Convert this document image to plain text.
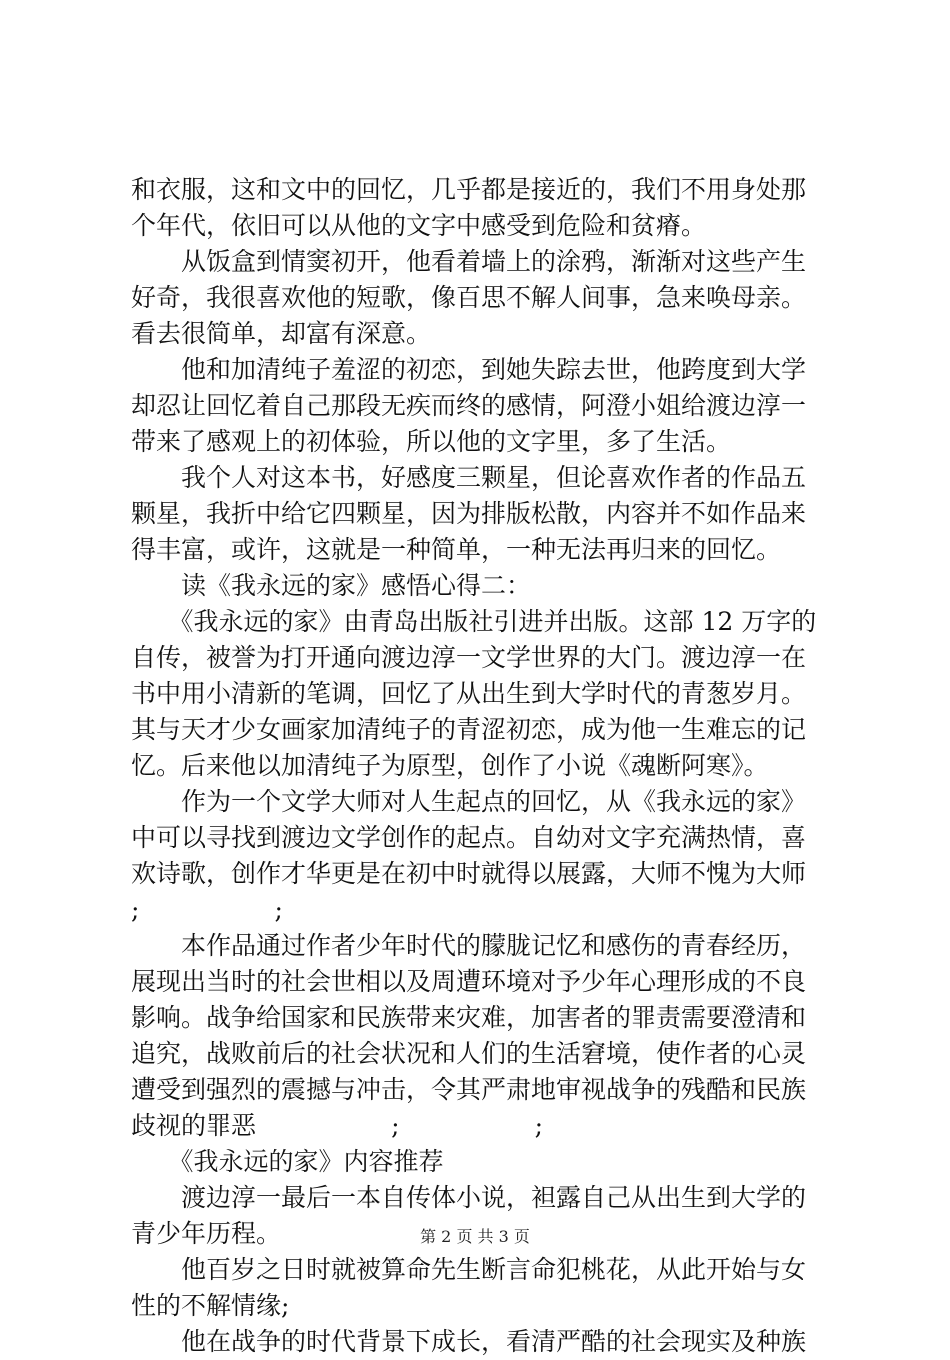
和衣服，这和文中的回忆，几乎都是接近的，我们不用身处那
个年代，依旧可以从他的文字中感受到危险和贫瘠。
　　从饭盒到情窦初开，他看着墙上的涂鸦，渐渐对这些产生
好奇，我很喜欢他的短歌，像百思不解人间事，急来唤母亲。
看去很简单，却富有深意。
　　他和加清纯子羞涩的初恋，到她失踪去世，他跨度到大学
却忍让回忆着自己那段无疾而终的感情，阿澄小姐给渡边淳一
带来了感观上的初体验，所以他的文字里，多了生活。
　　我个人对这本书，好感度三颗星，但论喜欢作者的作品五
颗星，我折中给它四颗星，因为排版松散，内容并不如作品来
得丰富，或许，这就是一种简单，一种无法再归来的回忆。
　　读《我永远的家》感悟心得二：
　　《我永远的家》由青岛出版社引进并出版。这部 12 万字的
自传，被誉为打开通向渡边淳一文学世界的大门。渡边淳一在
书中用小清新的笔调，回忆了从出生到大学时代的青葱岁月。
其与天才少女画家加清纯子的青涩初恋，成为他一生难忘的记
忆。后来他以加清纯子为原型，创作了小说《魂断阿寒》。
　　作为一个文学大师对人生起点的回忆，从《我永远的家》
中可以寻找到渡边文学创作的起点。自幼对文字充满热情，喜
欢诗歌，创作才华更是在初中时就得以展露，大师不愧为大师
;                 ;
　　本作品通过作者少年时代的朦胧记忆和感伤的青春经历，
展现出当时的社会世相以及周遭环境对予少年心理形成的不良
影响。战争给国家和民族带来灾难，加害者的罪责需要澄清和
追究，战败前后的社会状况和人们的生活窘境，使作者的心灵
遭受到强烈的震撼与冲击，令其严肃地审视战争的残酷和民族
歧视的罪恶                 ;                 ;
　　《我永远的家》内容推荐
　　渡边淳一最后一本自传体小说，袒露自己从出生到大学的
青少年历程。
　　他百岁之日时就被算命先生断言命犯桃花，从此开始与女
性的不解情缘;
　　他在战争的时代背景下成长，看清严酷的社会现实及种族
第 2 页 共 3 页
